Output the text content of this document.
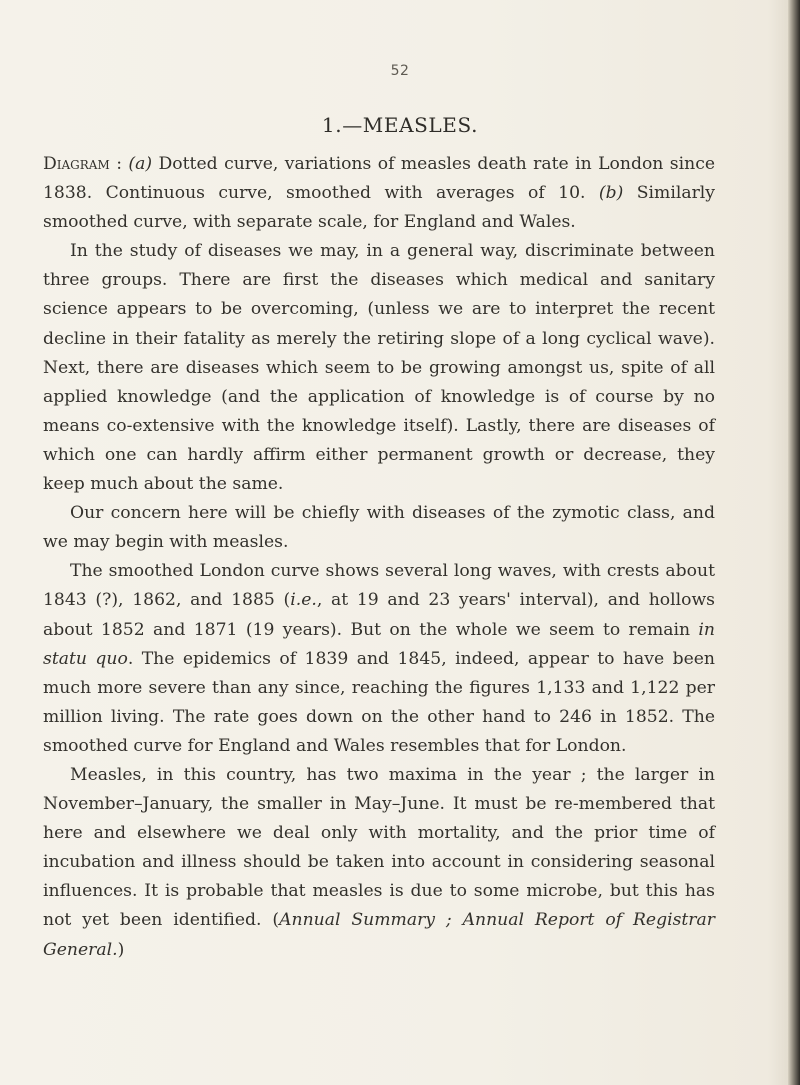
52
1.—MEASLES.

Diagram : (a) Dotted curve, variations of measles death rate in London since 1838. Continuous curve, smoothed with averages of 10. (b) Similarly smoothed curve, with separate scale, for England and Wales.

In the study of diseases we may, in a general way, discriminate between three groups. There are first the diseases which medical and sanitary science appears to be overcoming, (unless we are to interpret the recent decline in their fatality as merely the retiring slope of a long cyclical wave). Next, there are diseases which seem to be growing amongst us, spite of all applied knowledge (and the application of knowledge is of course by no means co-extensive with the knowledge itself). Lastly, there are diseases of which one can hardly affirm either permanent growth or decrease, they keep much about the same.

Our concern here will be chiefly with diseases of the zymotic class, and we may begin with measles.

The smoothed London curve shows several long waves, with crests about 1843 (?), 1862, and 1885 (i.e., at 19 and 23 years' interval), and hollows about 1852 and 1871 (19 years). But on the whole we seem to remain in statu quo. The epidemics of 1839 and 1845, indeed, appear to have been much more severe than any since, reaching the figures 1,133 and 1,122 per million living. The rate goes down on the other hand to 246 in 1852. The smoothed curve for England and Wales resembles that for London.

Measles, in this country, has two maxima in the year ; the larger in November–January, the smaller in May–June. It must be re-membered that here and elsewhere we deal only with mortality, and the prior time of incubation and illness should be taken into account in considering seasonal influences. It is probable that measles is due to some microbe, but this has not yet been identified. (Annual Summary ; Annual Report of Registrar General.)
